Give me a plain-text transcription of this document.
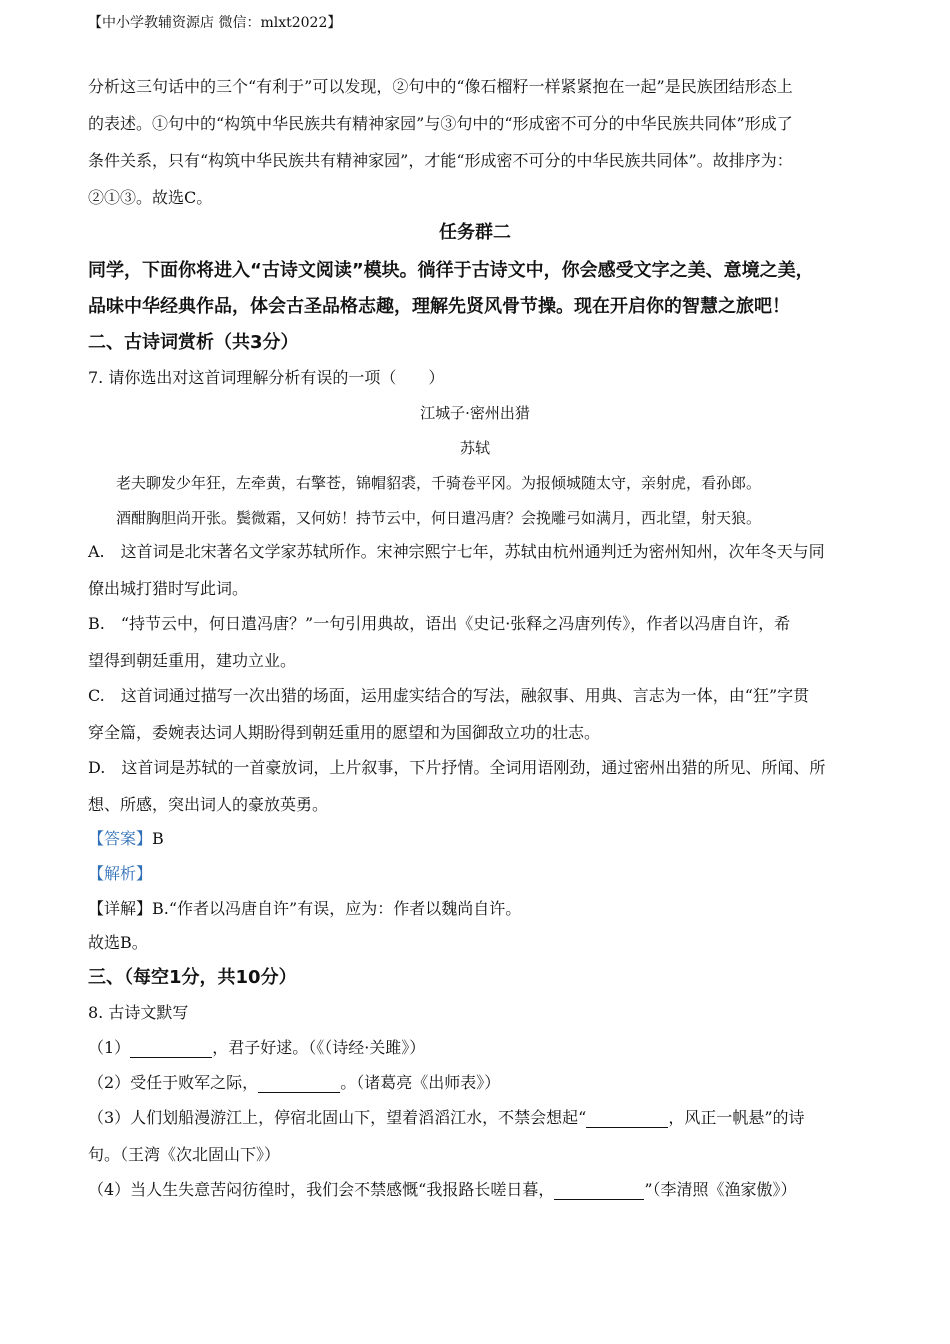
【中小学教辅资源店 微信：mlxt2022】
分析这三句话中的三个“有利于”可以发现，②句中的“像石榴籽一样紧紧抱在一起”是民族团结形态上
的表述。①句中的“构筑中华民族共有精神家园”与③句中的“形成密不可分的中华民族共同体”形成了
条件关系，只有“构筑中华民族共有精神家园”，才能“形成密不可分的中华民族共同体”。故排序为：
②①③。故选C。
任务群二
同学，下面你将进入“古诗文阅读”模块。徜徉于古诗文中，你会感受文字之美、意境之美，
品味中华经典作品，体会古圣品格志趣，理解先贤风骨节操。现在开启你的智慧之旅吧！
二、古诗词赏析（共3分）
7. 请你选出对这首词理解分析有误的一项（　　）
江城子·密州出猎
苏轼
老夫聊发少年狂，左牵黄，右擎苍，锦帽貂裘，千骑卷平冈。为报倾城随太守，亲射虎，看孙郎。
酒酣胸胆尚开张。鬓微霜，又何妨！持节云中，何日遣冯唐？会挽雕弓如满月，西北望，射天狼。
A.　这首词是北宋著名文学家苏轼所作。宋神宗熙宁七年，苏轼由杭州通判迁为密州知州，次年冬天与同
僚出城打猎时写此词。
B.　“持节云中，何日遣冯唐？”一句引用典故，语出《史记·张释之冯唐列传》，作者以冯唐自许，希
望得到朝廷重用，建功立业。
C.　这首词通过描写一次出猎的场面，运用虚实结合的写法，融叙事、用典、言志为一体，由“狂”字贯
穿全篇，委婉表达词人期盼得到朝廷重用的愿望和为国御敌立功的壮志。
D.　这首词是苏轼的一首豪放词，上片叙事，下片抒情。全词用语刚劲，通过密州出猎的所见、所闻、所
想、所感，突出词人的豪放英勇。
【答案】B
【解析】
【详解】B.“作者以冯唐自许”有误，应为：作者以魏尚自许。
故选B。
三、（每空1分，共10分）
8. 古诗文默写
（1）	，君子好逑。（《（诗经·关雎》）
（2）受任于败军之际，	。（诸葛亮《出师表》）
（3）人们划船漫游江上，停宿北固山下，望着滔滔江水，不禁会想起“	，风正一帆悬”的诗
句。（王湾《次北固山下》）
（4）当人生失意苦闷彷徨时，我们会不禁感慨“我报路长嗟日暮，	”（李清照《渔家傲》）
